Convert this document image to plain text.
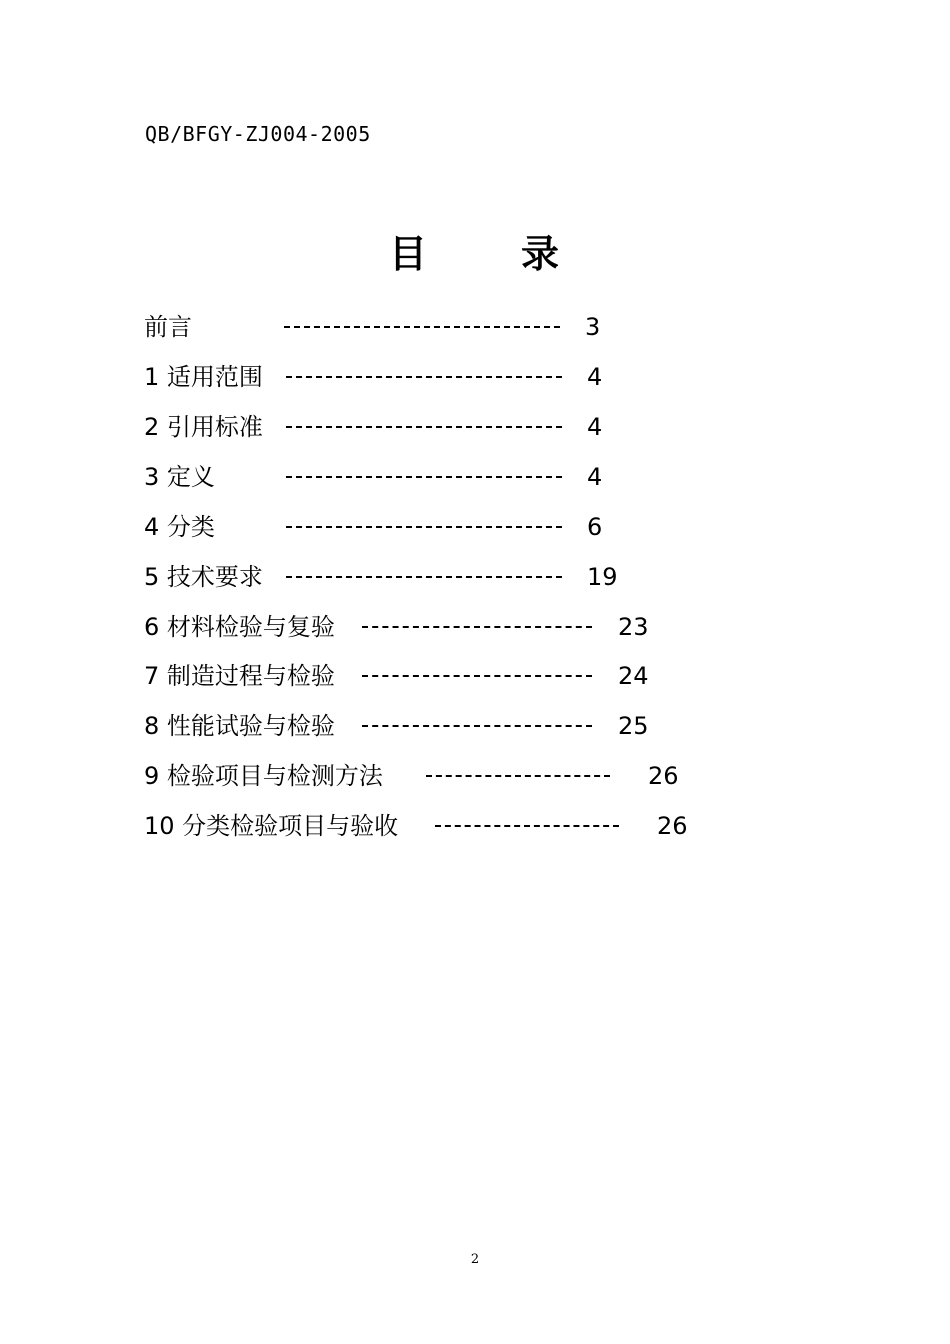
QB/BFGY-ZJ004-2005
目 录
前言	3
1 适用范围	4
2 引用标准	4
3 定义	4
4 分类	6
5 技术要求	19
6 材料检验与复验	23
7 制造过程与检验	24
8 性能试验与检验	25
9 检验项目与检测方法	26
10 分类检验项目与验收	26
2
